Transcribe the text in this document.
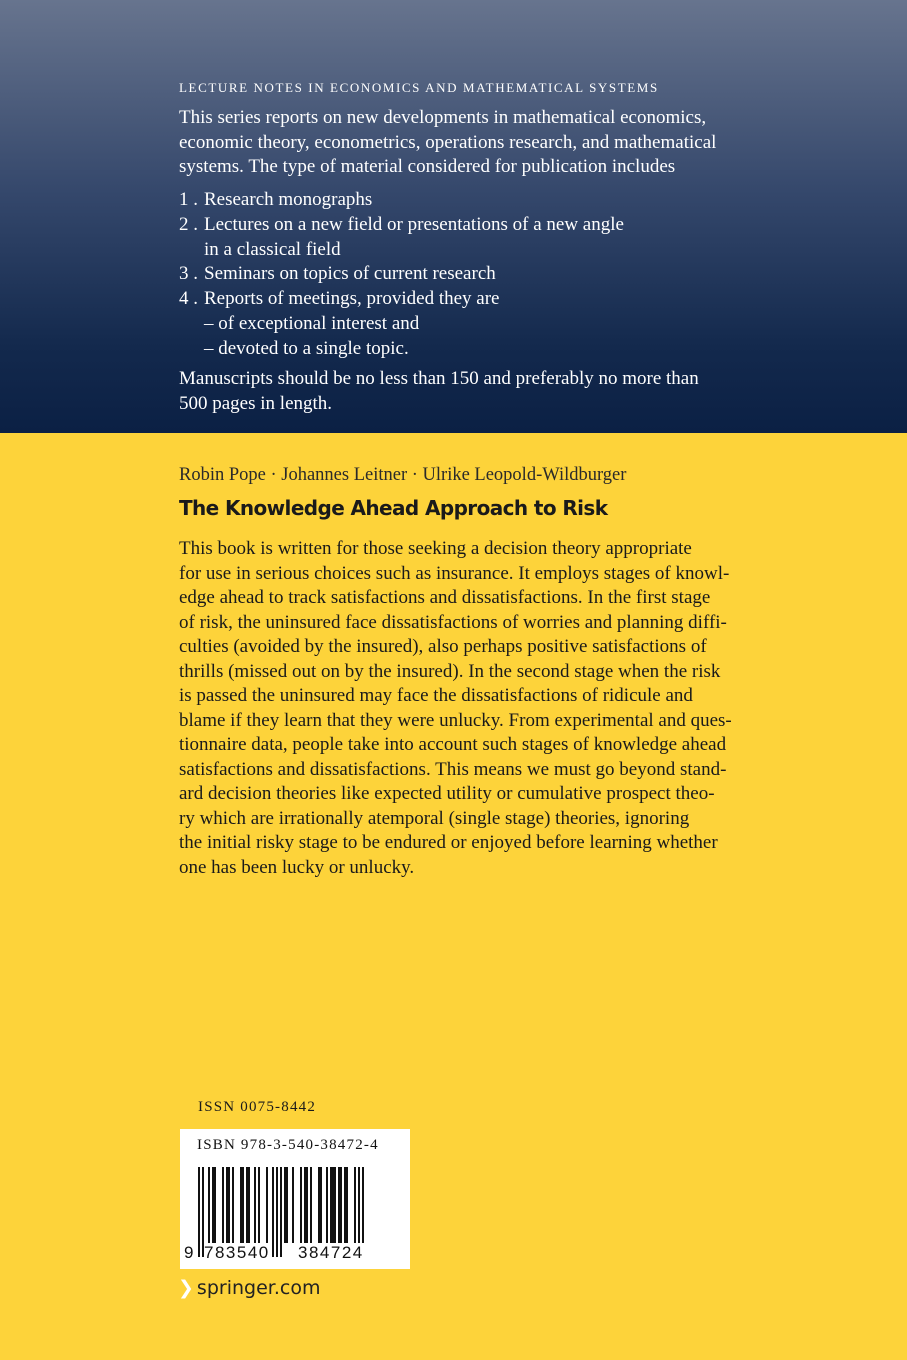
LECTURE NOTES IN ECONOMICS AND MATHEMATICAL SYSTEMS

This series reports on new developments in mathematical economics,
economic theory, econometrics, operations research, and mathematical
systems. The type of material considered for publication includes

1 . Research monographs
2 . Lectures on a new field or presentations of a new angle
in a classical field
3 . Seminars on topics of current research
4 . Reports of meetings, provided they are
– of exceptional interest and
– devoted to a single topic.

Manuscripts should be no less than 150 and preferably no more than
500 pages in length.

Robin Pope · Johannes Leitner · Ulrike Leopold-Wildburger
The Knowledge Ahead Approach to Risk

This book is written for those seeking a decision theory appropriate
for use in serious choices such as insurance. It employs stages of knowl-
edge ahead to track satisfactions and dissatisfactions. In the first stage
of risk, the uninsured face dissatisfactions of worries and planning diffi-
culties (avoided by the insured), also perhaps positive satisfactions of
thrills (missed out on by the insured). In the second stage when the risk
is passed the uninsured may face the dissatisfactions of ridicule and
blame if they learn that they were unlucky. From experimental and ques-
tionnaire data, people take into account such stages of knowledge ahead
satisfactions and dissatisfactions. This means we must go beyond stand-
ard decision theories like expected utility or cumulative prospect theo-
ry which are irrationally atemporal (single stage) theories, ignoring
the initial risky stage to be endured or enjoyed before learning whether
one has been lucky or unlucky.

ISSN 0075-8442
ISBN 978-3-540-38472-4
9 783540 384724
❯ springer.com
